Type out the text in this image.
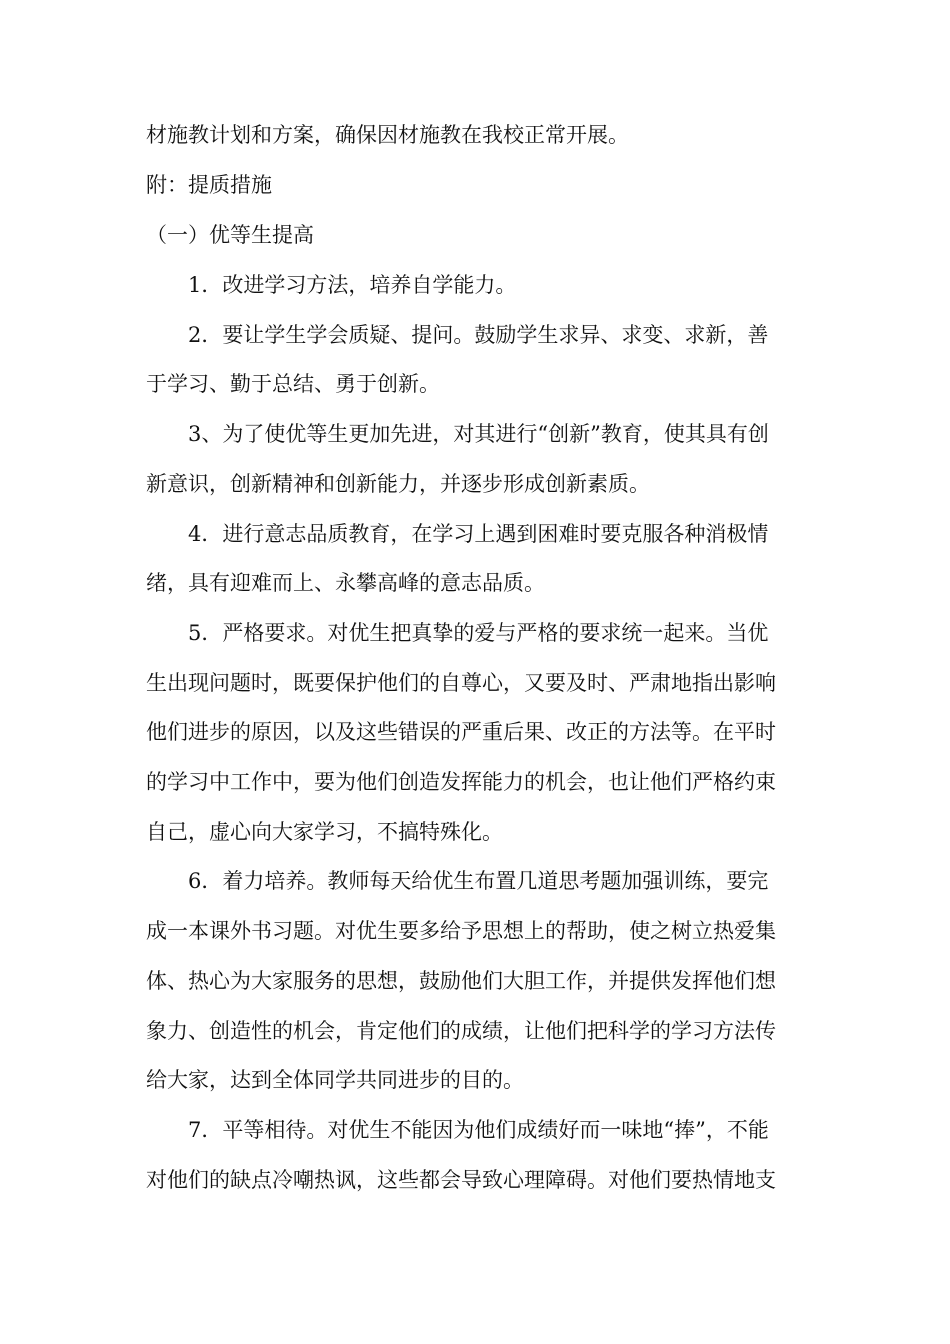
材施教计划和方案，确保因材施教在我校正常开展。
附：提质措施
（一）优等生提高
1．改进学习方法，培养自学能力。
2．要让学生学会质疑、提问。鼓励学生求异、求变、求新，善
于学习、勤于总结、勇于创新。
3、为了使优等生更加先进，对其进行“创新”教育，使其具有创
新意识，创新精神和创新能力，并逐步形成创新素质。
4．进行意志品质教育，在学习上遇到困难时要克服各种消极情
绪，具有迎难而上、永攀高峰的意志品质。
5．严格要求。对优生把真挚的爱与严格的要求统一起来。当优
生出现问题时，既要保护他们的自尊心，又要及时、严肃地指出影响
他们进步的原因，以及这些错误的严重后果、改正的方法等。在平时
的学习中工作中，要为他们创造发挥能力的机会，也让他们严格约束
自己，虚心向大家学习，不搞特殊化。
6．着力培养。教师每天给优生布置几道思考题加强训练，要完
成一本课外书习题。对优生要多给予思想上的帮助，使之树立热爱集
体、热心为大家服务的思想，鼓励他们大胆工作，并提供发挥他们想
象力、创造性的机会，肯定他们的成绩，让他们把科学的学习方法传
给大家，达到全体同学共同进步的目的。
7．平等相待。对优生不能因为他们成绩好而一味地“捧”，不能
对他们的缺点冷嘲热讽，这些都会导致心理障碍。对他们要热情地支
